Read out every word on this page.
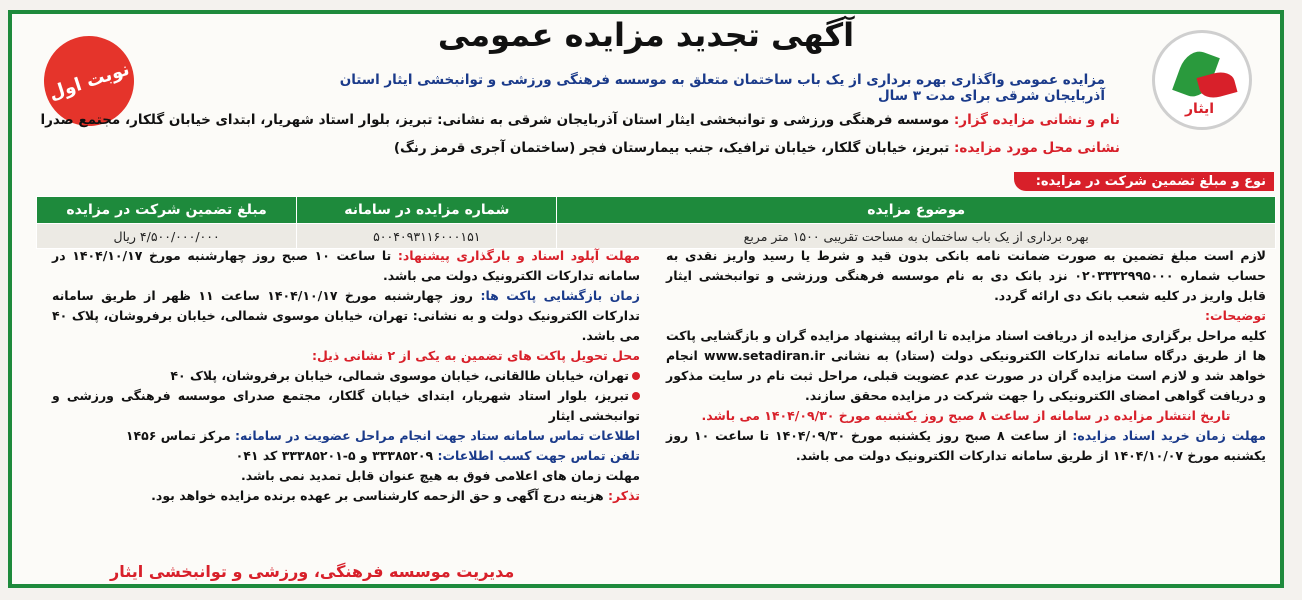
نوبت اول
ایثار
آگهی تجدید مزایده عمومی
مزایده عمومی واگذاری بهره برداری از یک باب ساختمان متعلق به موسسه فرهنگی ورزشی و توانبخشی ایثار استان آذربایجان شرقی برای مدت ۳ سال
نام و نشانی مزایده گزار: موسسه فرهنگی ورزشی و توانبخشی ایثار استان آذربایجان شرقی به نشانی: تبریز، بلوار استاد شهریار، ابتدای خیابان گلکار، مجتمع صدرا
نشانی محل مورد مزایده: تبریز، خیابان گلکار، خیابان ترافیک، جنب بیمارستان فجر (ساختمان آجری قرمز رنگ)
نوع و مبلغ تضمین شرکت در مزایده:
موضوع مزایده	شماره مزایده در سامانه	مبلغ تضمین شرکت در مزایده
بهره برداری از یک باب ساختمان به مساحت تقریبی ۱۵۰۰ متر مربع	۵۰۰۴۰۹۳۱۱۶۰۰۰۱۵۱	۴/۵۰۰/۰۰۰/۰۰۰ ریال

لازم است مبلغ تضمین به صورت ضمانت نامه بانکی بدون قید و شرط یا رسید واریز نقدی به حساب شماره ۰۲۰۳۳۳۲۹۹۵۰۰۰ نزد بانک دی به نام موسسه فرهنگی ورزشی و توانبخشی ایثار قابل واریز در کلیه شعب بانک دی ارائه گردد.

توضیحات:

کلیه مراحل برگزاری مزایده از دریافت اسناد مزایده تا ارائه پیشنهاد مزایده گران و بازگشایی پاکت ها از طریق درگاه سامانه تدارکات الکترونیکی دولت (ستاد) به نشانی www.setadiran.ir انجام خواهد شد و لازم است مزایده گران در صورت عدم عضویت قبلی، مراحل ثبت نام در سایت مذکور و دریافت گواهی امضای الکترونیکی را جهت شرکت در مزایده محقق سازند.

تاریخ انتشار مزایده در سامانه از ساعت ۸ صبح روز یکشنبه مورخ ۱۴۰۴/۰۹/۳۰ می باشد.

مهلت زمان خرید اسناد مزایده: از ساعت ۸ صبح روز یکشنبه مورخ ۱۴۰۴/۰۹/۳۰ تا ساعت ۱۰ روز یکشنبه مورخ ۱۴۰۴/۱۰/۰۷ از طریق سامانه تدارکات الکترونیک دولت می باشد.

مهلت آپلود اسناد و بارگذاری پیشنهاد: تا ساعت ۱۰ صبح روز چهارشنبه مورخ ۱۴۰۴/۱۰/۱۷ در سامانه تدارکات الکترونیک دولت می باشد.

زمان بازگشایی پاکت ها: روز چهارشنبه مورخ ۱۴۰۴/۱۰/۱۷ ساعت ۱۱ ظهر از طریق سامانه تدارکات الکترونیک دولت و به نشانی: تهران، خیابان موسوی شمالی، خیابان برفروشان، پلاک ۴۰ می باشد.

محل تحویل پاکت های تضمین به یکی از ۲ نشانی ذیل:

تهران، خیابان طالقانی، خیابان موسوی شمالی، خیابان برفروشان، پلاک ۴۰

تبریز، بلوار استاد شهریار، ابتدای خیابان گلکار، مجتمع صدرای موسسه فرهنگی ورزشی و توانبخشی ایثار

اطلاعات تماس سامانه ستاد جهت انجام مراحل عضویت در سامانه: مرکز تماس ۱۴۵۶

تلفن تماس جهت کسب اطلاعات: ۳۳۳۸۵۲۰۹ و ۵-۳۳۳۸۵۲۰۱ کد ۰۴۱

مهلت زمان های اعلامی فوق به هیچ عنوان قابل تمدید نمی باشد.

تذکر: هزینه درج آگهی و حق الزحمه کارشناسی بر عهده برنده مزایده خواهد بود.

مدیریت موسسه فرهنگی، ورزشی و توانبخشی ایثار
